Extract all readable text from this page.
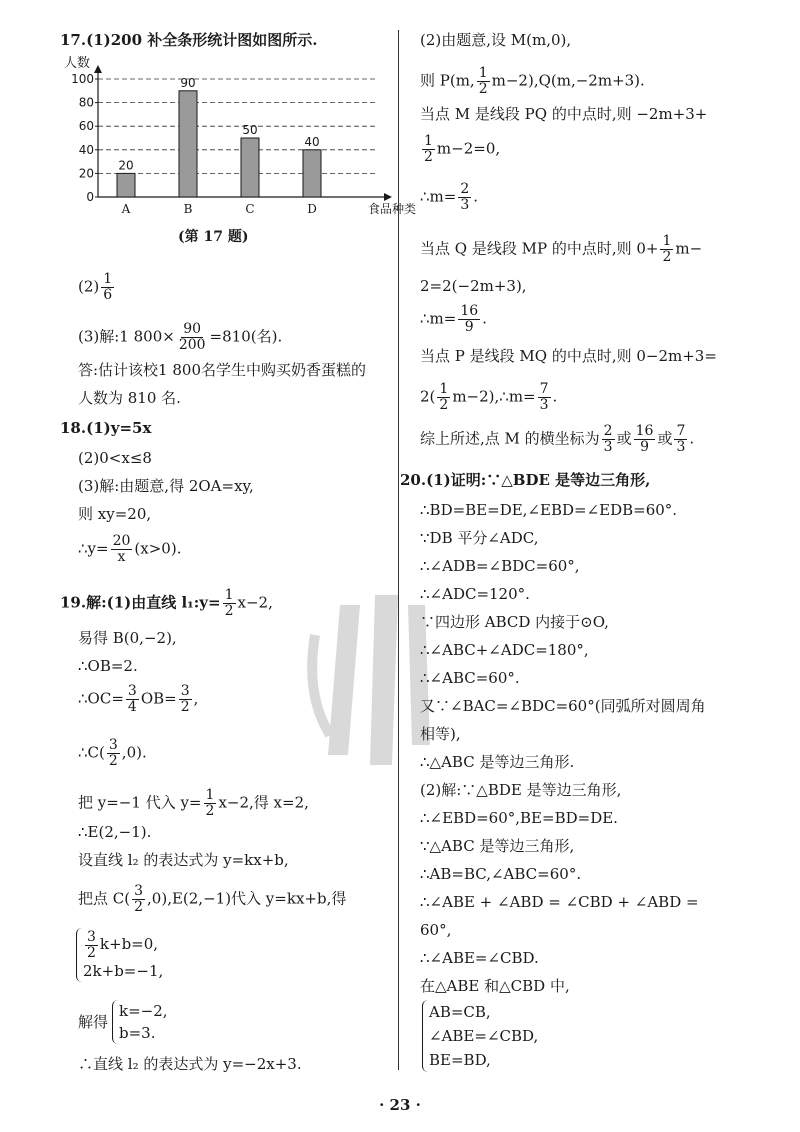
人数
0
20
40
60
80
100
20
A
90
B
50
C
40
D	食品种类
(第 17 题)
17.(1)200 补全条形统计图如图所示.
$(2) \frac{1}{6}$
(3)解:1 $800\times \frac{90}{200} =810$(名).
答:估计该校1 800名学生中购买奶香蛋糕的
人数为 810 名.
18.(1)y=5x
(2)0<x≤8
(3)解:由题意,得 2OA=xy,
则 xy=20,
∴y= $\frac{20}{x} (x>0)$.
19.解:(1)由直线 l₁:y= $\frac{1}{2} x-2$,
易得 B(0,−2),
∴OB=2.
∴OC= $\frac{3}{4} OB= \frac{3}{2}$ ,
∴C( $\frac{3}{2} ,0$).
把 y=−1 代入 $y= \frac{1}{2} x-2$,得 x=2,
∴E(2,−1).
设直线 l₂ 的表达式为 y=kx+b,
把点 $C( \frac{3}{2} ,0),E(2,-1)$代入 y=kx+b,得
$\frac{3}{2} k+b=0$,
2k+b=−1,
解得
k=−2,
b=3.
∴直线 l₂ 的表达式为 y=−2x+3.
(2)由题意,设 M(m,0),
则 P(m, $\frac{1}{2} m-2),Q(m,-2m+3)$.
当点 M 是线段 PQ 的中点时,则 −2m+3+
$\frac{1}{2} m-2=0$,
∴m= $\frac{2}{3}$ .
当点 Q 是线段 MP 的中点时,则 $0+ \frac{1}{2} m-$
2=2(−2m+3),
∴m= $\frac{16}{9}$ .
当点 P 是线段 MQ 的中点时,则 0−2m+3=
$2( \frac{1}{2}$ m−2),∴m= $\frac{7}{3}$ .
综上所述,点 M 的横坐标为 $\frac{2}{3}$ 或 $\frac{16}{9}$ 或 $\frac{7}{3}$ .
20.(1)证明:∵△BDE 是等边三角形,
∴BD=BE=DE,∠EBD=∠EDB=60°.
∵DB 平分∠ADC,
∴∠ADB=∠BDC=60°,
∴∠ADC=120°.
∵四边形 ABCD 内接于⊙O,
∴∠ABC+∠ADC=180°,
∴∠ABC=60°.
又∵∠BAC=∠BDC=60°(同弧所对圆周角
相等),
∴△ABC 是等边三角形.
(2)解:∵△BDE 是等边三角形,
∴∠EBD=60°,BE=BD=DE.
∵△ABC 是等边三角形,
∴AB=BC,∠ABC=60°.
∴∠ABE + ∠ABD = ∠CBD + ∠ABD =
60°,
∴∠ABE=∠CBD.
在△ABE 和△CBD 中,
AB=CB,
∠ABE=∠CBD,
BE=BD,
· 23 ·
